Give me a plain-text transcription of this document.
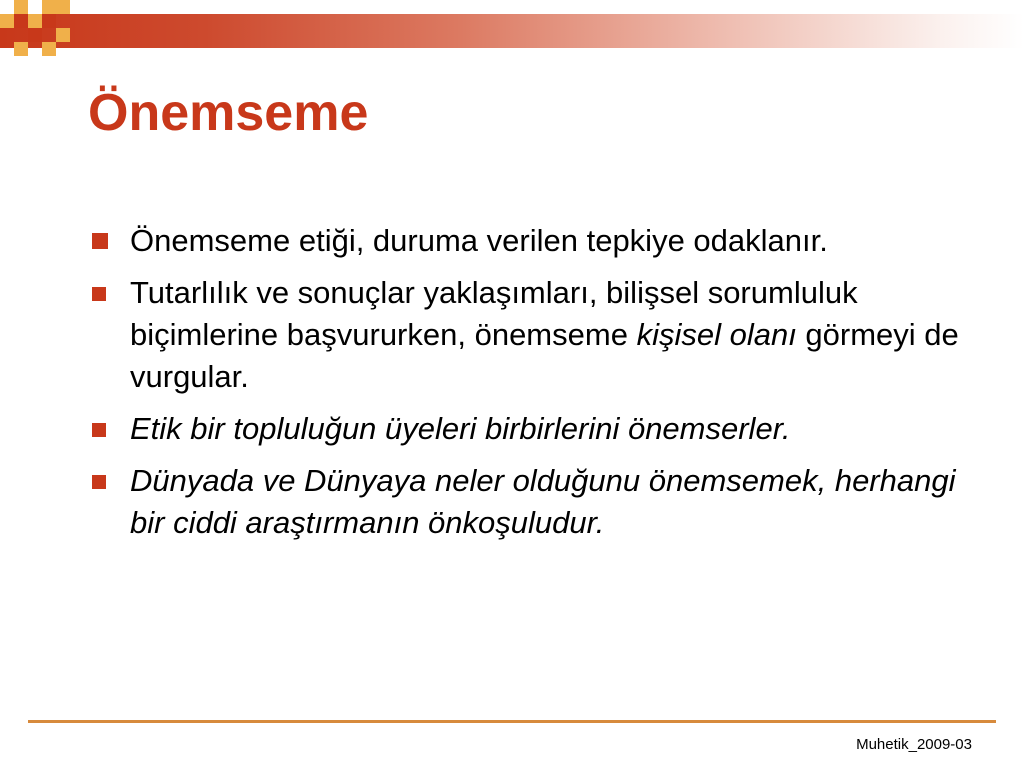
Önemseme
Önemseme etiği, duruma verilen tepkiye odaklanır.
Tutarlılık ve sonuçlar yaklaşımları, bilişsel sorumluluk biçimlerine başvururken, önemseme kişisel olanı görmeyi de vurgular.
Etik bir topluluğun üyeleri birbirlerini önemserler.
Dünyada ve Dünyaya neler olduğunu önemsemek, herhangi bir ciddi araştırmanın önkoşuludur.
Muhetik_2009-03
